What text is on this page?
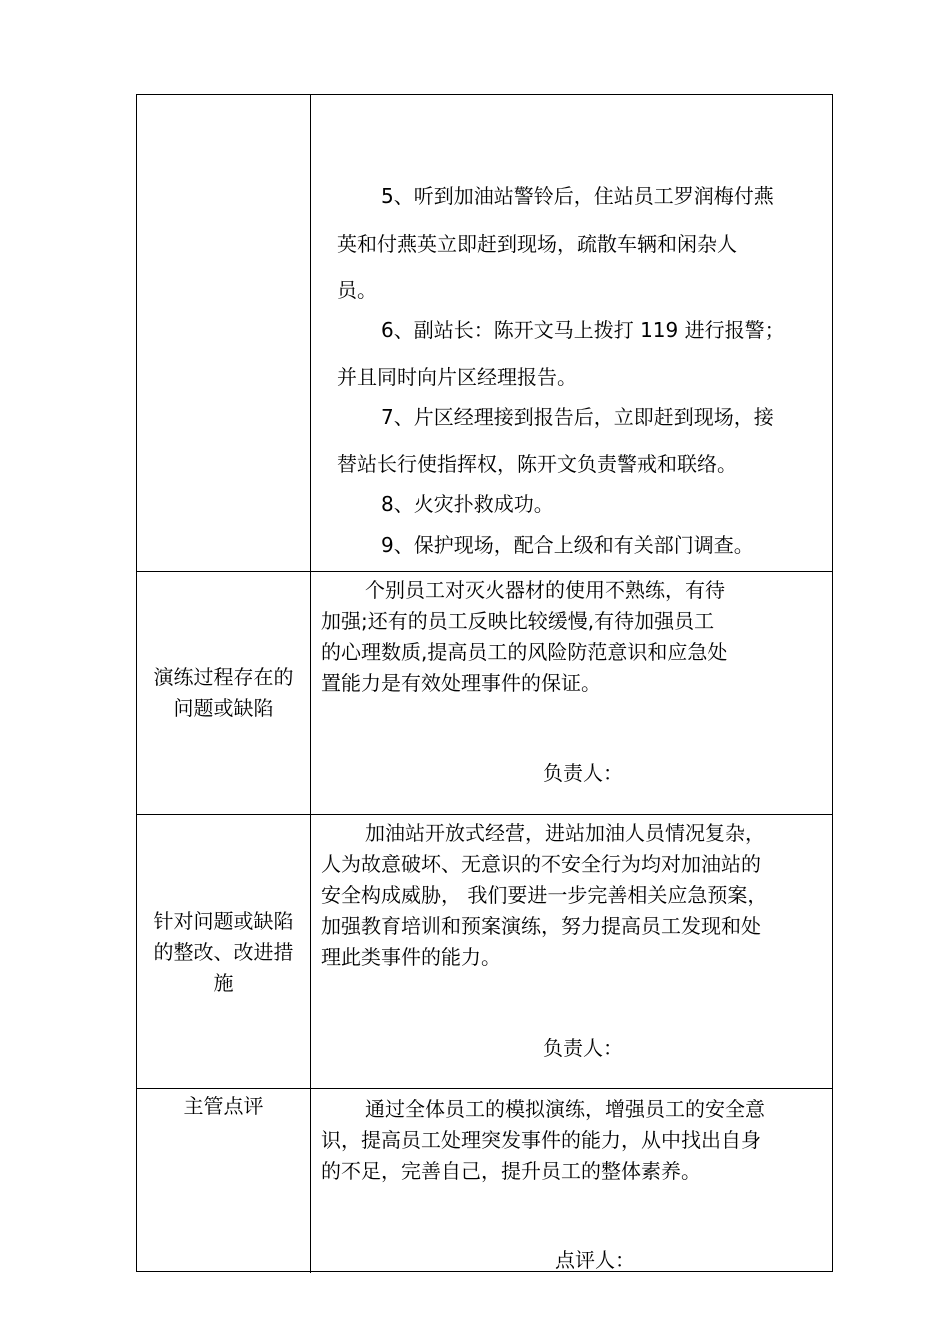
5、听到加油站警铃后，住站员工罗润梅付燕
英和付燕英立即赶到现场，疏散车辆和闲杂人
员。
6、副站长：陈开文马上拨打 119 进行报警；
并且同时向片区经理报告。
7、片区经理接到报告后，立即赶到现场，接
替站长行使指挥权，陈开文负责警戒和联络。
8、火灾扑救成功。
9、保护现场，配合上级和有关部门调查。
演练过程存在的
问题或缺陷
个别员工对灭火器材的使用不熟练，有待
加强;还有的员工反映比较缓慢,有待加强员工
的心理数质,提高员工的风险防范意识和应急处
置能力是有效处理事件的保证。
负责人：
针对问题或缺陷
的整改、改进措
施
加油站开放式经营，进站加油人员情况复杂，
人为故意破坏、无意识的不安全行为均对加油站的
安全构成威胁， 我们要进一步完善相关应急预案，
加强教育培训和预案演练，努力提高员工发现和处
理此类事件的能力。
负责人：
主管点评	通过全体员工的模拟演练，增强员工的安全意
识，提高员工处理突发事件的能力，从中找出自身
的不足，完善自己，提升员工的整体素养。
点评人：
